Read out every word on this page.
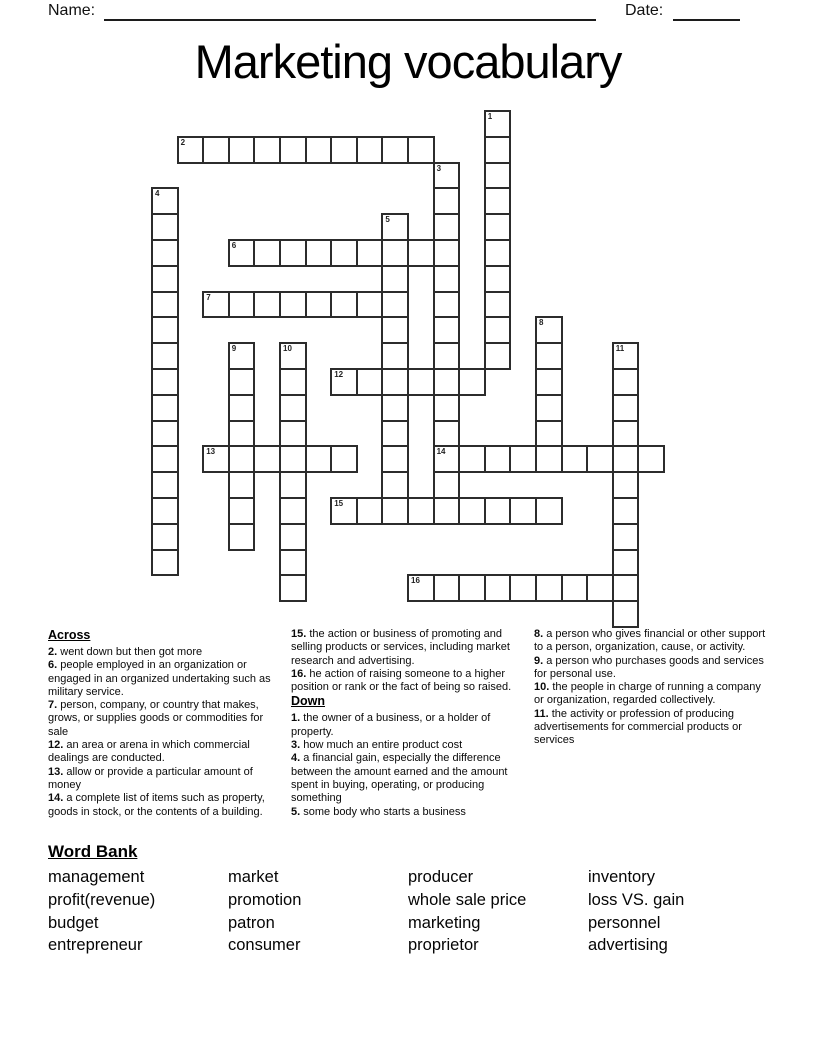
Name:	Date:
Marketing vocabulary
1
2
3
14
4
5
6
7
8
9	10	11
12
13
15
16
Across
2. went down but then got more
6. people employed in an organization or engaged in an organized undertaking such as military service.
7. person, company, or country that makes, grows, or supplies goods or commodities for sale
12. an area or arena in which commercial dealings are conducted.
13. allow or provide a particular amount of money
14. a complete list of items such as property, goods in stock, or the contents of a building.
15. the action or business of promoting and selling products or services, including market research and advertising.
16. he action of raising someone to a higher position or rank or the fact of being so raised.
Down
1. the owner of a business, or a holder of property.
3. how much an entire product cost
4. a financial gain, especially the difference between the amount earned and the amount spent in buying, operating, or producing something
5. some body who starts a business
8. a person who gives financial or other support to a person, organization, cause, or activity.
9. a person who purchases goods and services for personal use.
10. the people in charge of running a company or organization, regarded collectively.
11. the activity or profession of producing advertisements for commercial products or services
Word Bank
management
profit(revenue)
budget
entrepreneur
market
promotion
patron
consumer
producer
whole sale price
marketing
proprietor
inventory
loss VS. gain
personnel
advertising
